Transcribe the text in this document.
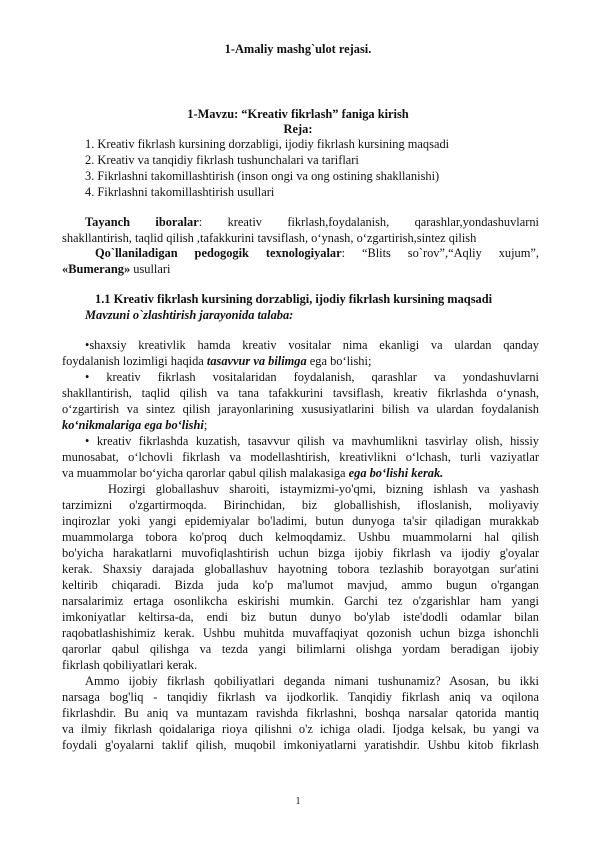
1-Amaliy mashg`ulot rejasi.
1-Mavzu: “Kreativ fikrlash” faniga kirish
Reja:
1. Kreativ fikrlash kursining dorzabligi, ijodiy fikrlash kursining maqsadi
2. Kreativ va tanqidiy fikrlash tushunchalari va tariflari
3. Fikrlashni takomillashtirish (inson ongi va ong ostining shakllanishi)
4. Fikrlashni takomillashtirish usullari
Tayanch iboralar: kreativ fikrlash,foydalanish, qarashlar,yondashuvlarni
shakllantirish, taqlid qilish ,tafakkurini tavsiflash, o‘ynash, o‘zgartirish,sintez qilish
Qo`llaniladigan pedogogik texnologiyalar: “Blits so`rov”,“Aqliy xujum”,
«Bumerang» usullari
1.1 Kreativ fikrlash kursining dorzabligi, ijodiy fikrlash kursining maqsadi
Mavzuni o`zlashtirish jarayonida talaba:
•shaxsiy kreativlik hamda kreativ vositalar nima ekanligi va ulardan qanday
foydalanish lozimligi haqida tasavvur va bilimga ega bo‘lishi;
• kreativ fikrlash vositalaridan foydalanish, qarashlar va yondashuvlarni
shakllantirish, taqlid qilish va tana tafakkurini tavsiflash, kreativ fikrlashda o‘ynash,
o‘zgartirish va sintez qilish jarayonlarining xususiyatlarini bilish va ulardan foydalanish
ko‘nikmalariga ega bo‘lishi;
• kreativ fikrlashda kuzatish, tasavvur qilish va mavhumlikni tasvirlay olish, hissiy
munosabat, o‘lchovli fikrlash va modellashtirish, kreativlikni o‘lchash, turli vaziyatlar
va muammolar bo‘yicha qarorlar qabul qilish malakasiga ega bo‘lishi kerak.
Hozirgi globallashuv sharoiti, istaymizmi-yo'qmi, bizning ishlash va yashash
tarzimizni o'zgartirmoqda. Birinchidan, biz globallishish, ifloslanish, moliyaviy
inqirozlar yoki yangi epidemiyalar bo'ladimi, butun dunyoga ta'sir qiladigan murakkab
muammolarga tobora ko'proq duch kelmoqdamiz. Ushbu muammolarni hal qilish
bo'yicha harakatlarni muvofiqlashtirish uchun bizga ijobiy fikrlash va ijodiy g'oyalar
kerak. Shaxsiy darajada globallashuv hayotning tobora tezlashib borayotgan sur'atini
keltirib chiqaradi. Bizda juda ko'p ma'lumot mavjud, ammo bugun o'rgangan
narsalarimiz ertaga osonlikcha eskirishi mumkin. Garchi tez o'zgarishlar ham yangi
imkoniyatlar keltirsa-da, endi biz butun dunyo bo'ylab iste'dodli odamlar bilan
raqobatlashishimiz kerak. Ushbu muhitda muvaffaqiyat qozonish uchun bizga ishonchli
qarorlar qabul qilishga va tezda yangi bilimlarni olishga yordam beradigan ijobiy
fikrlash qobiliyatlari kerak.
Ammo ijobiy fikrlash qobiliyatlari deganda nimani tushunamiz? Asosan, bu ikki
narsaga bog'liq - tanqidiy fikrlash va ijodkorlik. Tanqidiy fikrlash aniq va oqilona
fikrlashdir. Bu aniq va muntazam ravishda fikrlashni, boshqa narsalar qatorida mantiq
va ilmiy fikrlash qoidalariga rioya qilishni o'z ichiga oladi. Ijodga kelsak, bu yangi va
foydali g'oyalarni taklif qilish, muqobil imkoniyatlarni yaratishdir. Ushbu kitob fikrlash
1
